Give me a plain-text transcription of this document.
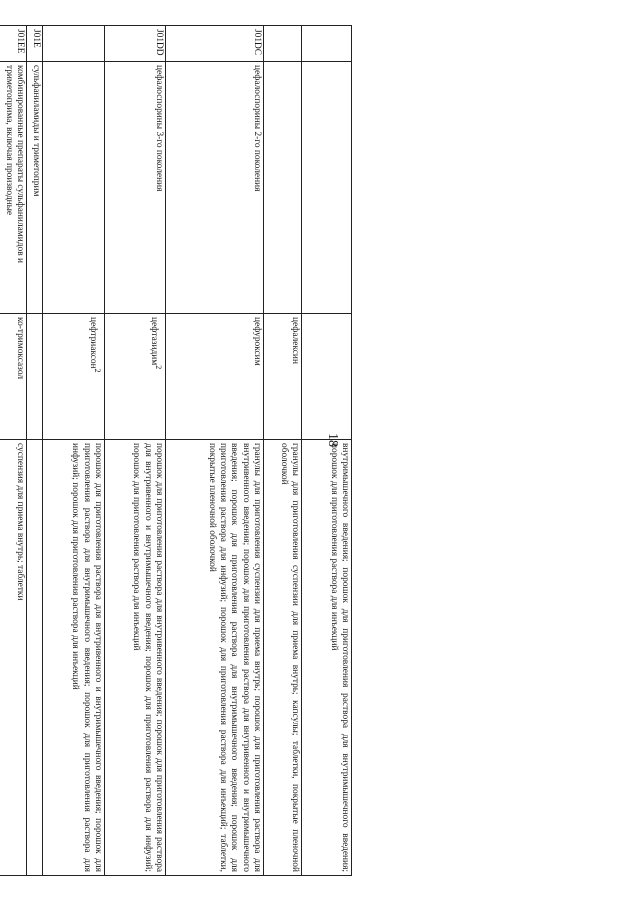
18
			внутримышечного введения; порошок для приготовления раствора для внутримышечного введения; порошок для приготовления раствора для инъекций
		цефалексин	гранулы для приготовления суспензии для приема внутрь; капсулы; таблетки, покрытые пленочной оболочкой
J01DC	цефалоспорины 2-го поколения	цефуроксим	гранулы для приготовления суспензии для приема внутрь; порошок для приготовления раствора для внутривенного введения; порошок для приготовления раствора для внутривенного и внутримышечного введения; порошок для приготовления раствора для внутримышечного введения; порошок для приготовления раствора для инфузий; порошок для приготовления раствора для инъекций; таблетки, покрытые пленочной оболочкой
J01DD	цефалоспорины 3-го поколения	цефтазидим$^2$	порошок для приготовления раствора для внутривенного введения; порошок для приготовления раствора для внутривенного и внутримышечного введения; порошок для приготовления раствора для инфузий; порошок для приготовления раствора для инъекций
		цефтриаксон$^2$	порошок для приготовления раствора для внутривенного и внутримышечного введения; порошок для приготовления раствора для внутримышечного введения; порошок для приготовления раствора для инфузий; порошок для приготовления раствора для инъекций
J01E	сульфаниламиды и триметоприм		
J01EE	комбинированные препараты сульфаниламидов и триметоприма, включая производные	ко-тримоксазол	суспензия для приема внутрь; таблетки
